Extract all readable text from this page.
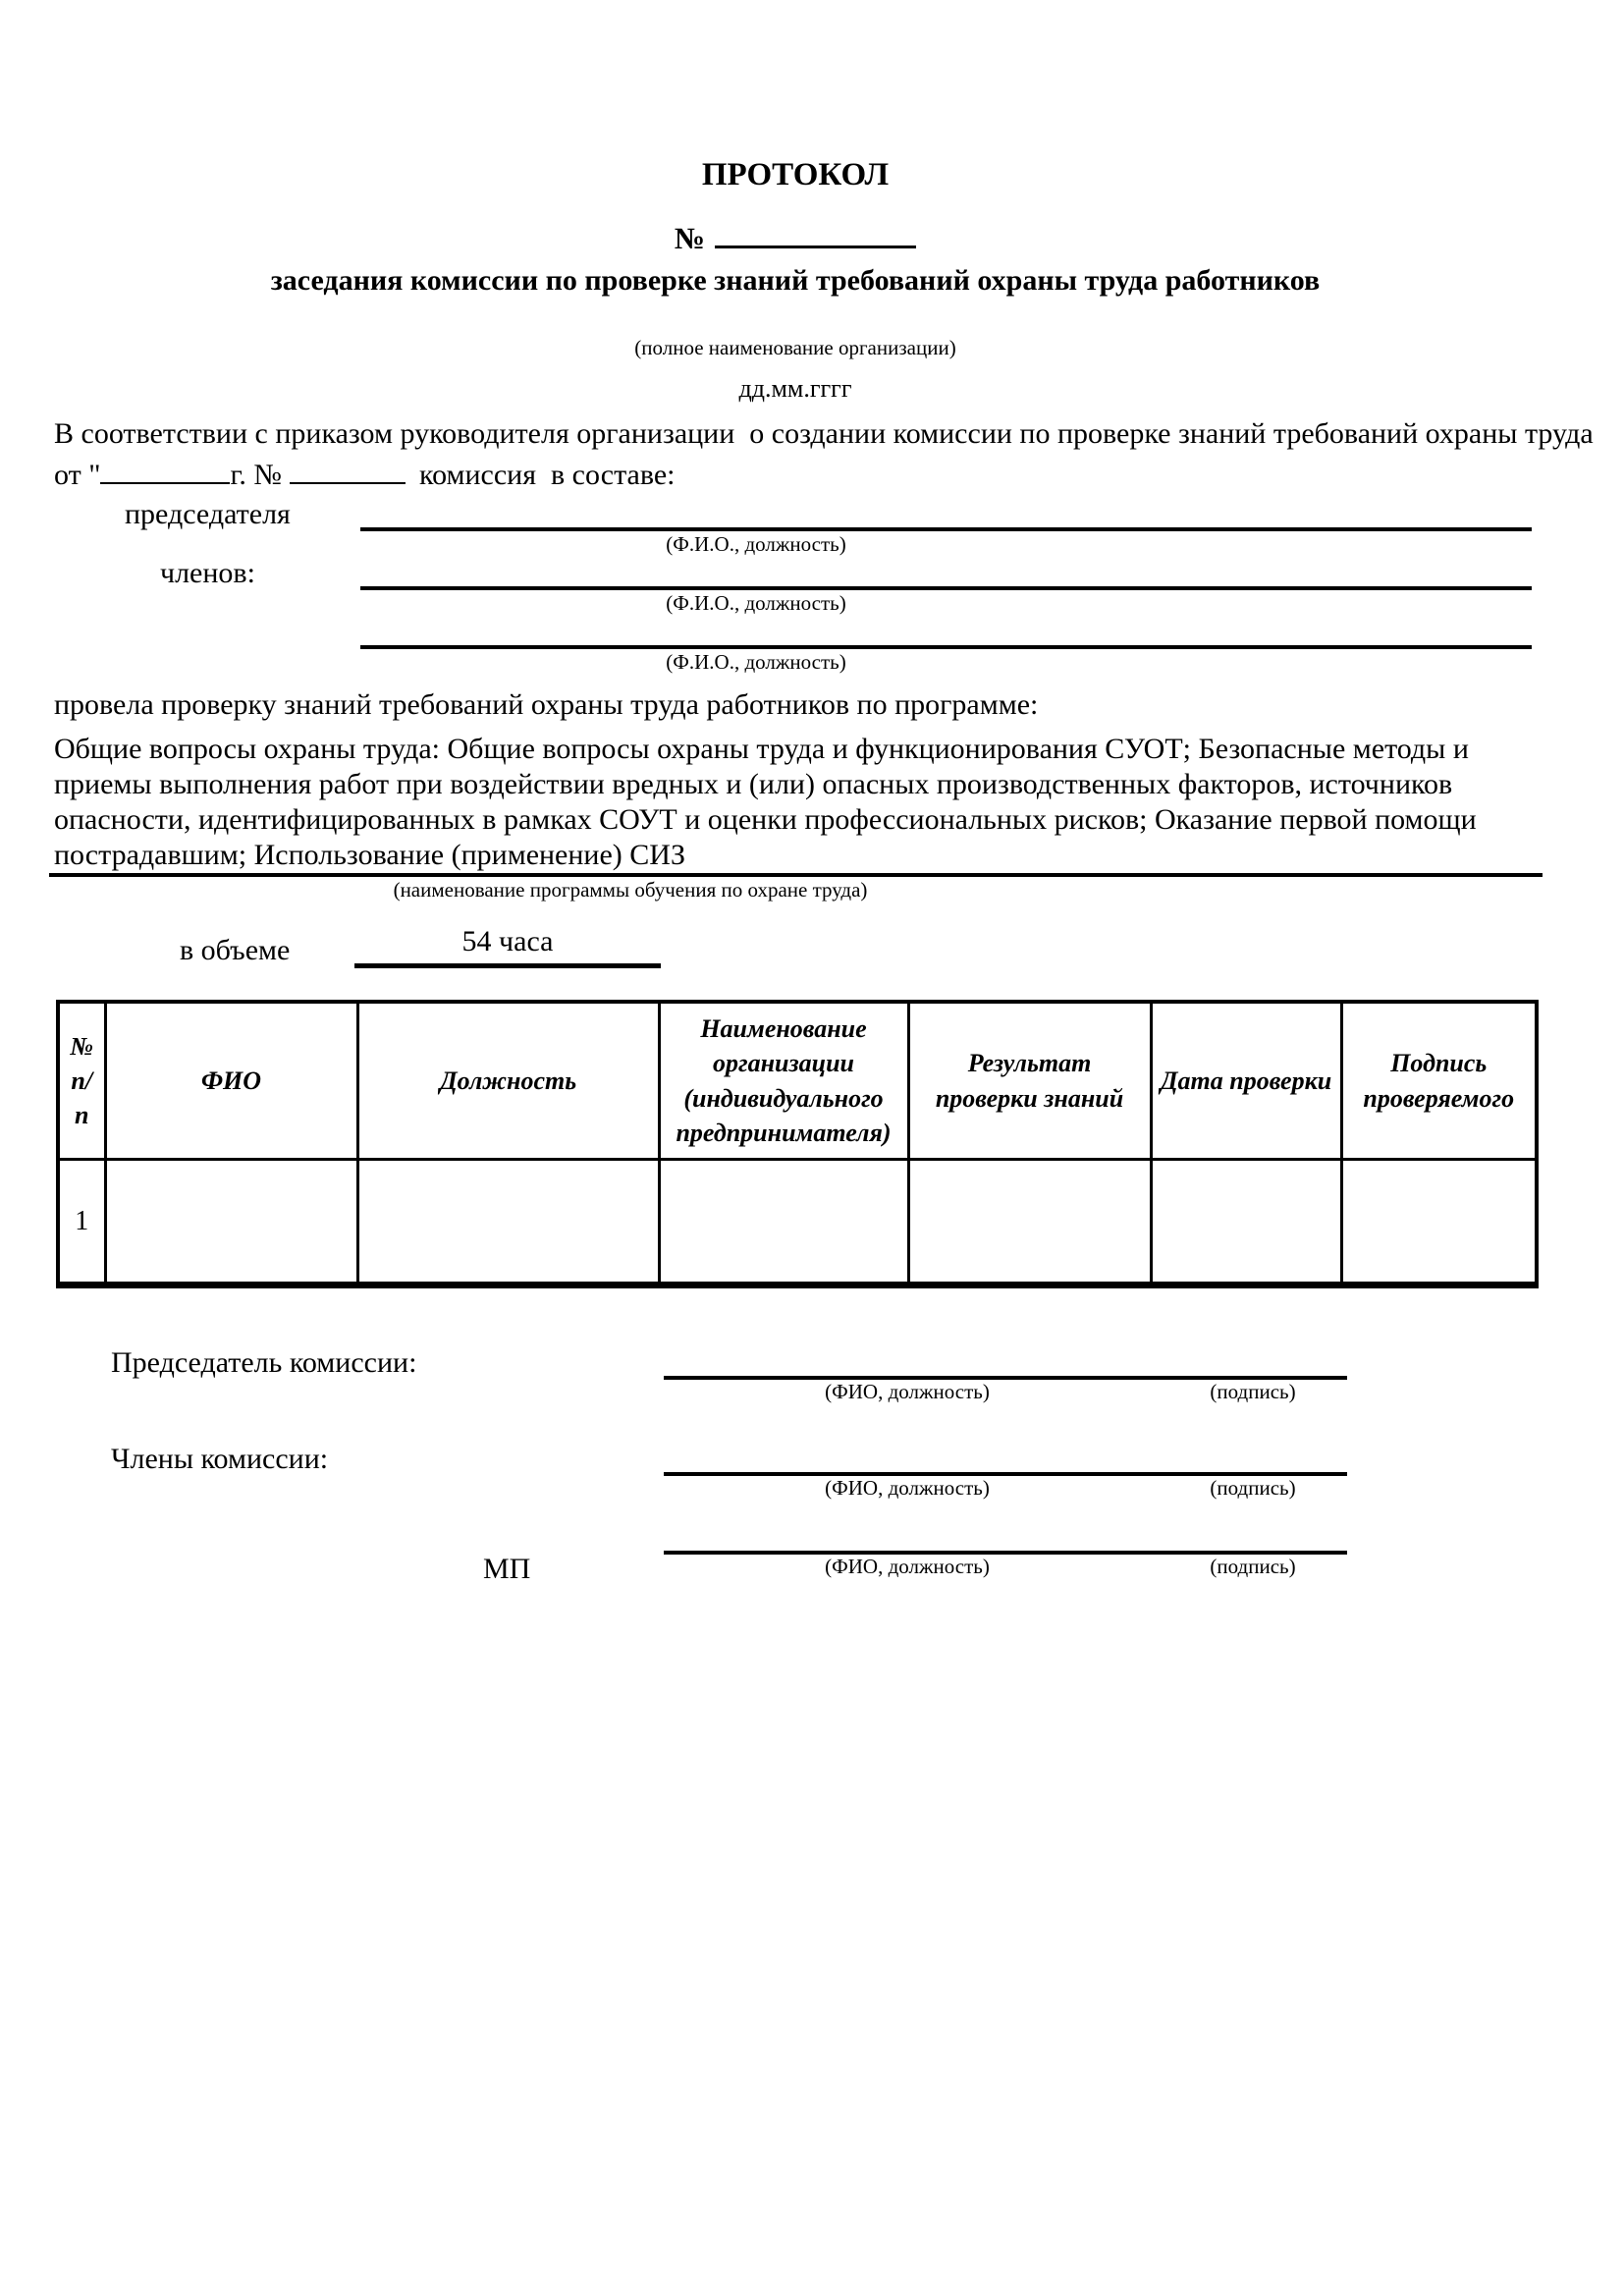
ПРОТОКОЛ
№
заседания комиссии по проверке знаний требований охраны труда работников
(полное наименование организации)
дд.мм.гггг
В соответствии с приказом руководителя организации  о создании комиссии по проверке знаний требований охраны труда
от "	г. №	комиссия  в составе:
председателя
(Ф.И.О., должность)
членов:
(Ф.И.О., должность)
(Ф.И.О., должность)
провела проверку знаний требований охраны труда работников по программе:
Общие вопросы охраны труда: Общие вопросы охраны труда и функционирования СУОТ; Безопасные методы и приемы выполнения работ при воздействии вредных и (или) опасных производственных факторов, источников опасности, идентифицированных в рамках СОУТ и оценки профессиональных рисков; Оказание первой помощи пострадавшим; Использование (применение) СИЗ
(наименование программы обучения по охране труда)
в объеме	54 часа
№ п/п	ФИО	Должность	Наименование организации (индивидуального предпринимателя)	Результат проверки знаний	Дата проверки	Подпись проверяемого
1						
Председатель комиссии:
(ФИО, должность)	(подпись)
Члены комиссии:
(ФИО, должность)	(подпись)
МП	(ФИО, должность)	(подпись)
